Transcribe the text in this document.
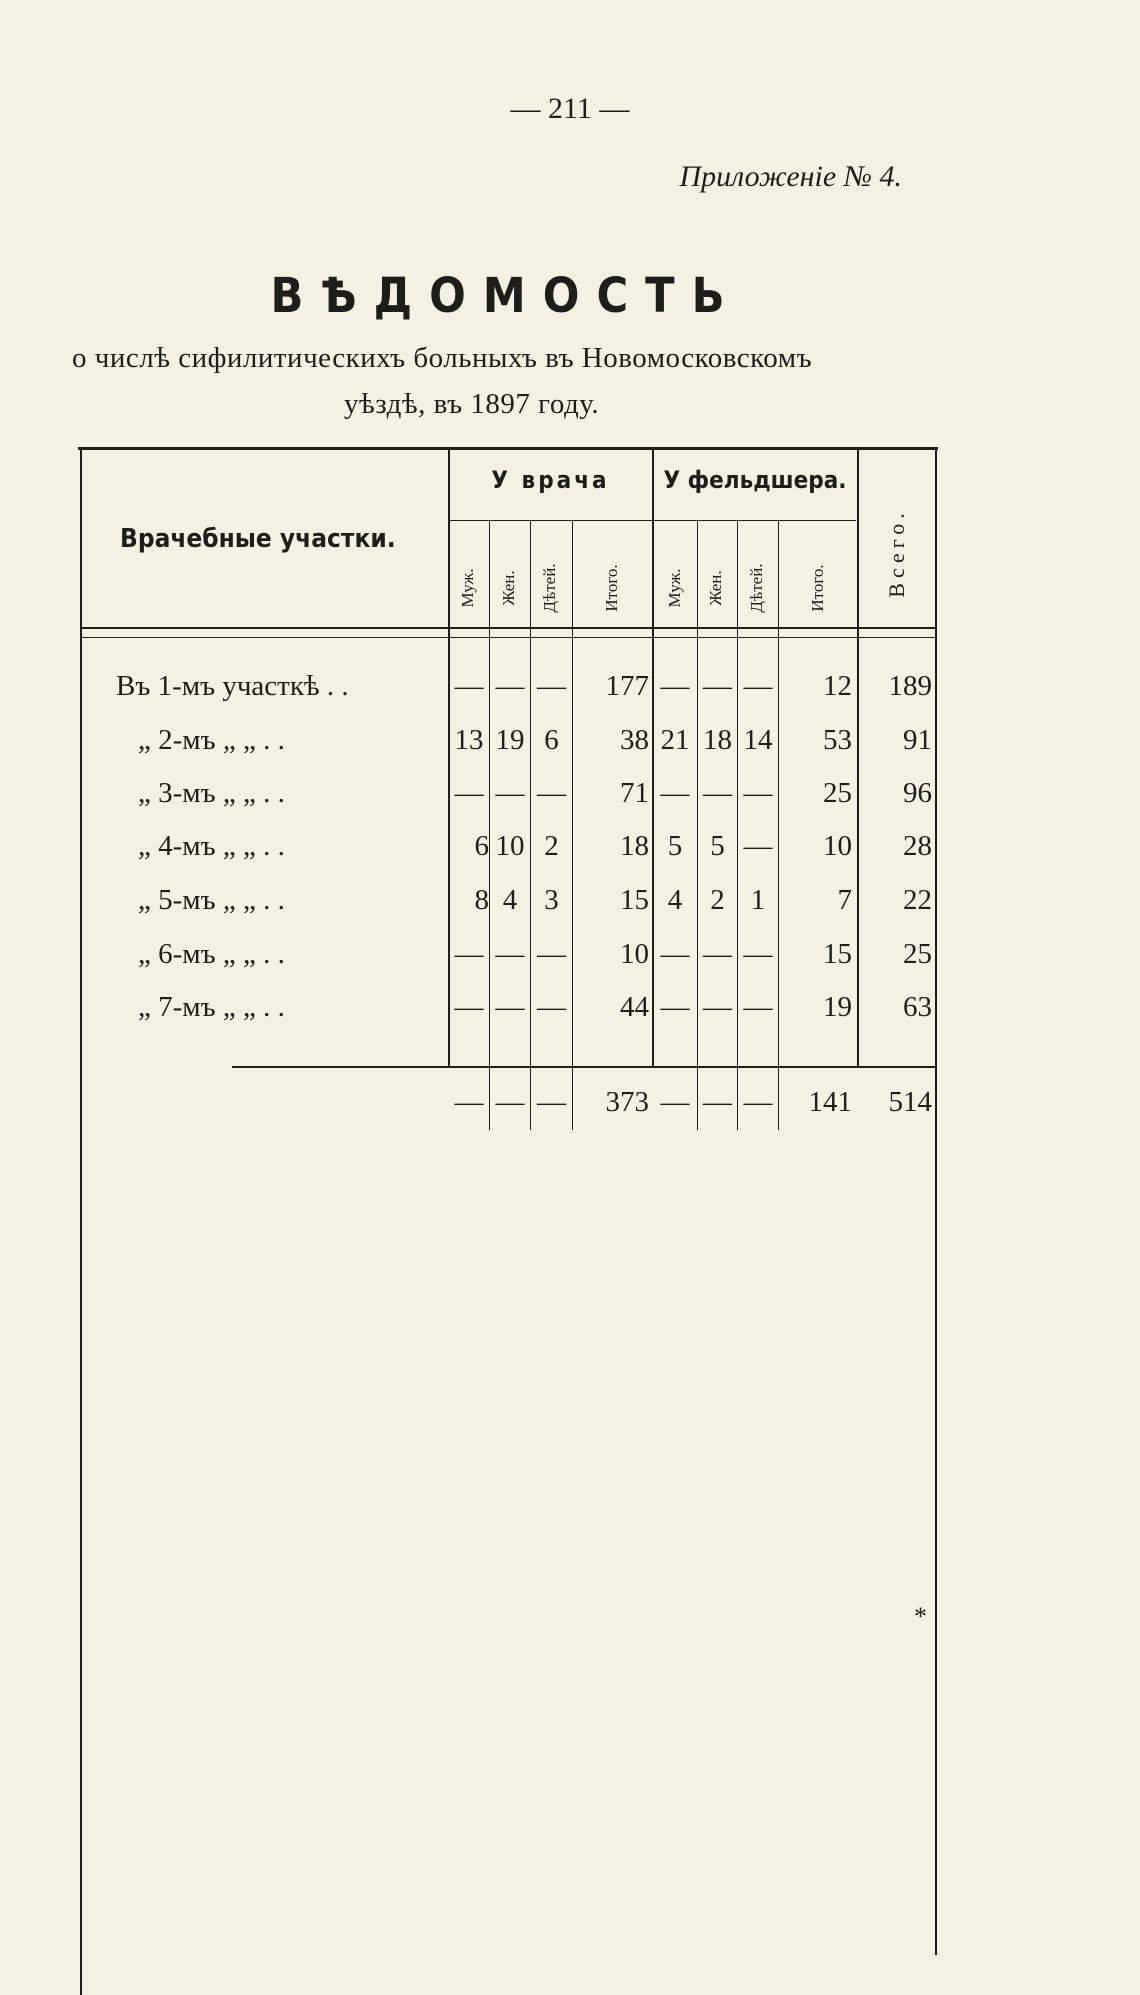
— 211 —
Приложеніе № 4.
ВѢДОМОСТЬ
о числѣ сифилитическихъ больныхъ въ Новомосковскомъ
уѣздѣ, въ 1897 году.
Врачебные участки.
У врача	У фельдшера.
Муж. Жен. Дѣтей.	Итого.	Муж. Жен. Дѣтей. Итого.	Всего.
Въ 1-мъ участкѣ . .	— — —	177 — — —	12	189
„ 2-мъ „ „ . .	13 19 6	38 21 18 14	53	91
„ 3-мъ „ „ . .	— — —	71 — — —	25	96
„ 4-мъ „ „ . .	6 10 2	18 5 5 —	10	28
„ 5-мъ „ „ . .	8 4 3	15 4 2 1	7	22
„ 6-мъ „ „ . .	— — —	10 — — —	15	25
„ 7-мъ „ „ . .	— — —	44 — — —	19	63
— — —	373 — — —	141	514
*
